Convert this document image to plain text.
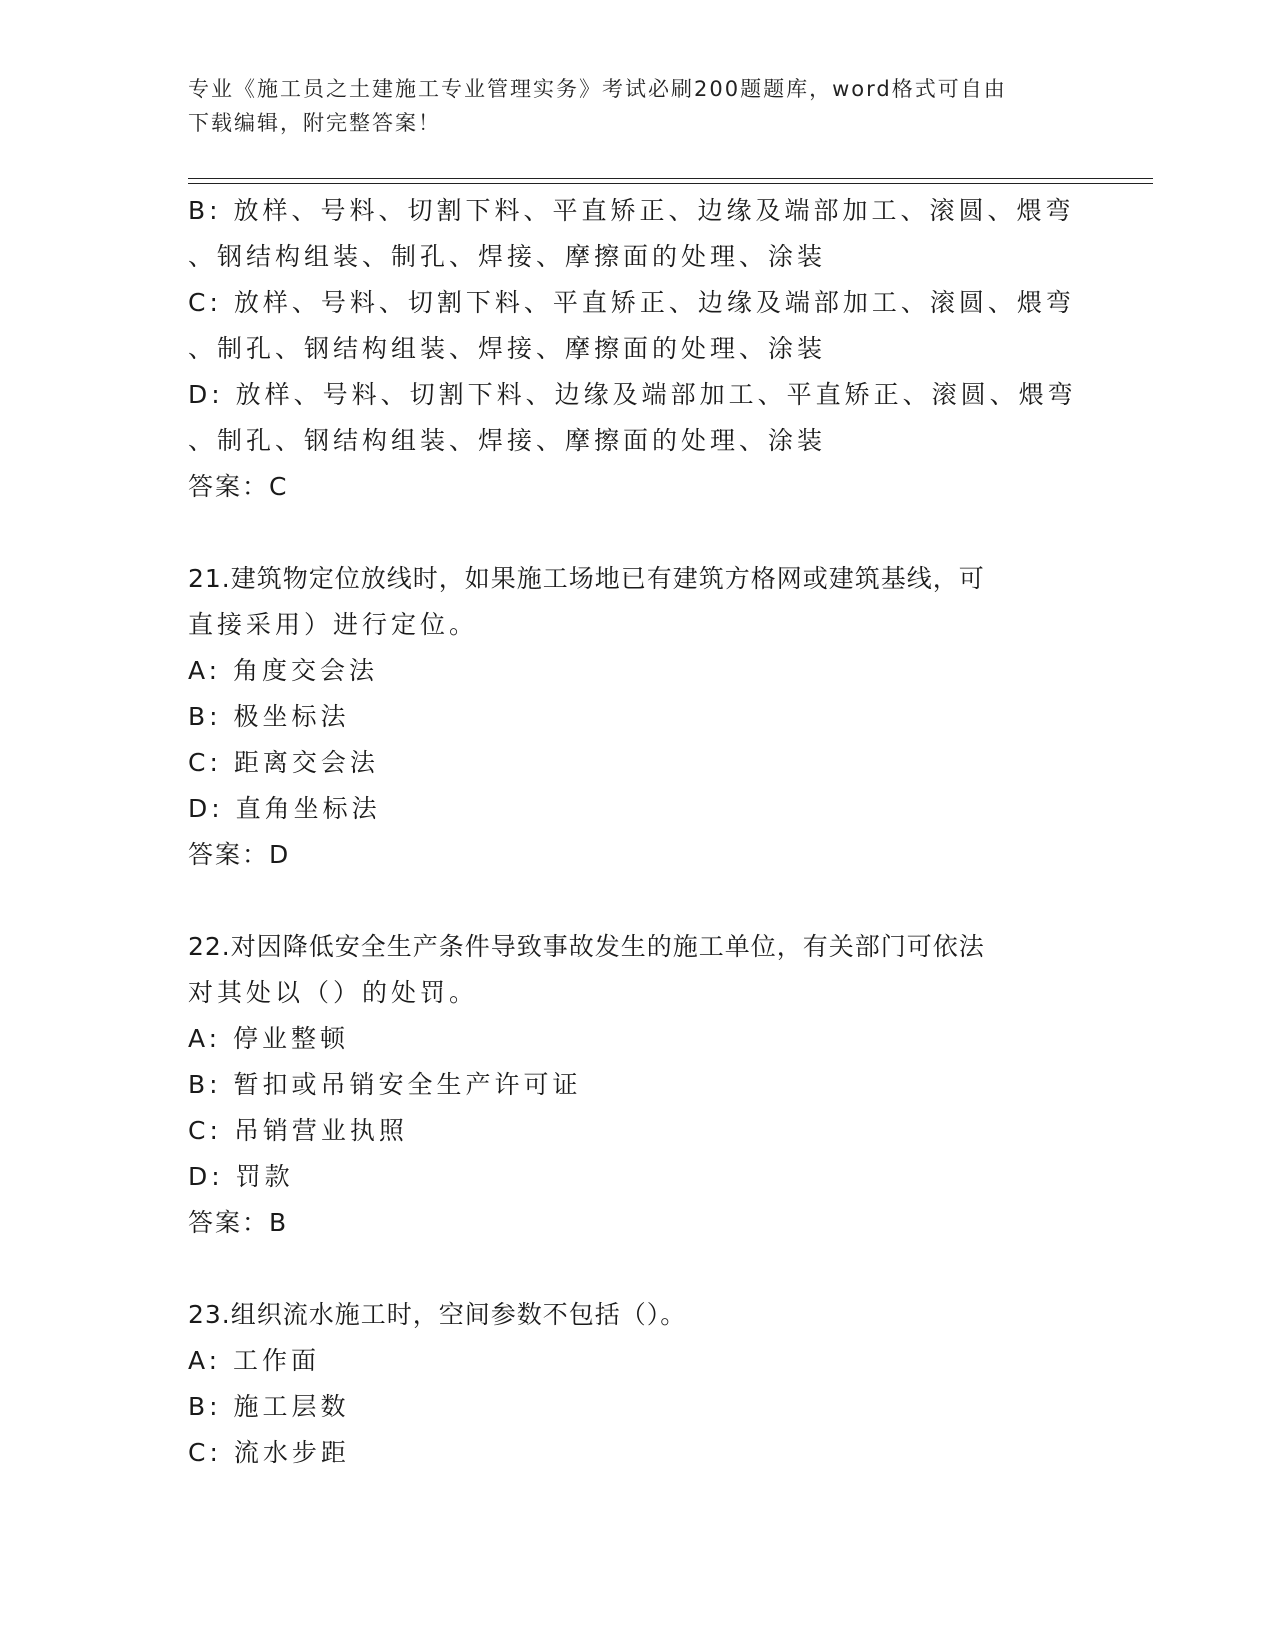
专业《施工员之土建施工专业管理实务》考试必刷200题题库，word格式可自由
下载编辑，附完整答案！
B: 放样、号料、切割下料、平直矫正、边缘及端部加工、滚圆、煨弯
、钢结构组装、制孔、焊接、摩擦面的处理、涂装
C: 放样、号料、切割下料、平直矫正、边缘及端部加工、滚圆、煨弯
、制孔、钢结构组装、焊接、摩擦面的处理、涂装
D: 放样、号料、切割下料、边缘及端部加工、平直矫正、滚圆、煨弯
、制孔、钢结构组装、焊接、摩擦面的处理、涂装
答案：C
21.建筑物定位放线时，如果施工场地已有建筑方格网或建筑基线，可
直接采用）进行定位。
A: 角度交会法
B: 极坐标法
C: 距离交会法
D: 直角坐标法
答案：D
22.对因降低安全生产条件导致事故发生的施工单位，有关部门可依法
对其处以（）的处罚。
A: 停业整顿
B: 暂扣或吊销安全生产许可证
C: 吊销营业执照
D: 罚款
答案：B
23.组织流水施工时，空间参数不包括（）。
A: 工作面
B: 施工层数
C: 流水步距
